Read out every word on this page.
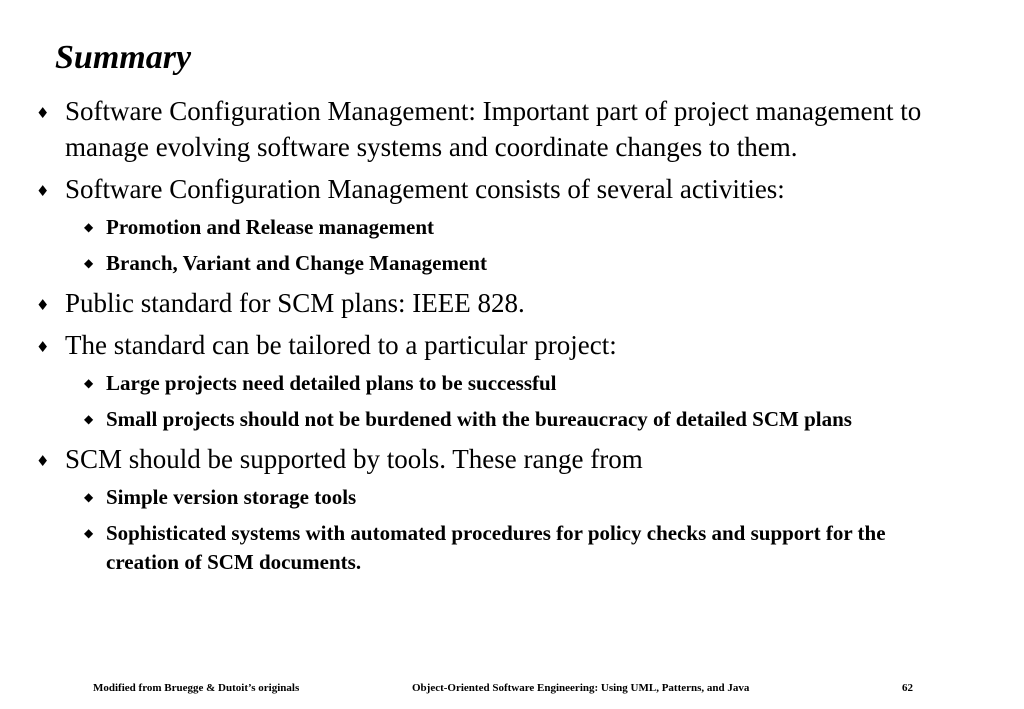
Summary
♦ Software Configuration Management: Important part of project management to manage evolving software systems and coordinate changes to them.
♦ Software Configuration Management consists of several activities:
◆ Promotion and Release management
◆ Branch, Variant and Change Management
♦ Public standard for SCM plans: IEEE 828.
♦ The standard can be tailored to a particular project:
◆ Large projects need detailed plans to be successful
◆ Small projects should not be burdened with the bureaucracy of detailed SCM plans
♦ SCM should be supported by tools. These range from
◆ Simple version storage tools
◆ Sophisticated systems with automated procedures for policy checks and support for the creation of SCM documents.
Modified from Bruegge & Dutoit’s originals	Object-Oriented Software Engineering: Using UML, Patterns, and Java	62
